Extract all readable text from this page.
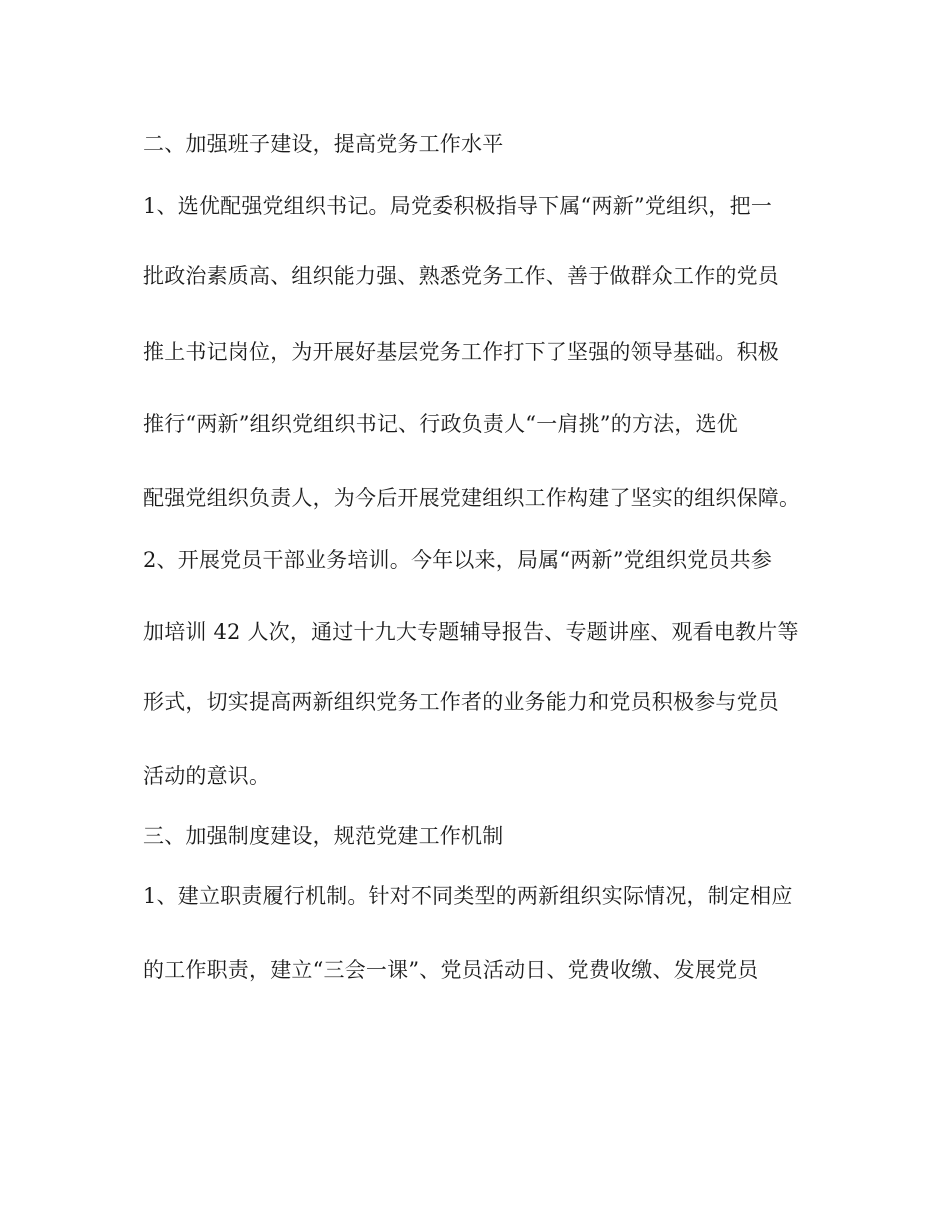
二、加强班子建设，提高党务工作水平
1、选优配强党组织书记。局党委积极指导下属“两新”党组织，把一
批政治素质高、组织能力强、熟悉党务工作、善于做群众工作的党员
推上书记岗位，为开展好基层党务工作打下了坚强的领导基础。积极
推行“两新”组织党组织书记、行政负责人“一肩挑”的方法，选优
配强党组织负责人，为今后开展党建组织工作构建了坚实的组织保障。
2、开展党员干部业务培训。今年以来，局属“两新”党组织党员共参
加培训 42 人次，通过十九大专题辅导报告、专题讲座、观看电教片等
形式，切实提高两新组织党务工作者的业务能力和党员积极参与党员
活动的意识。
三、加强制度建设，规范党建工作机制
1、建立职责履行机制。针对不同类型的两新组织实际情况，制定相应
的工作职责，建立“三会一课”、党员活动日、党费收缴、发展党员
